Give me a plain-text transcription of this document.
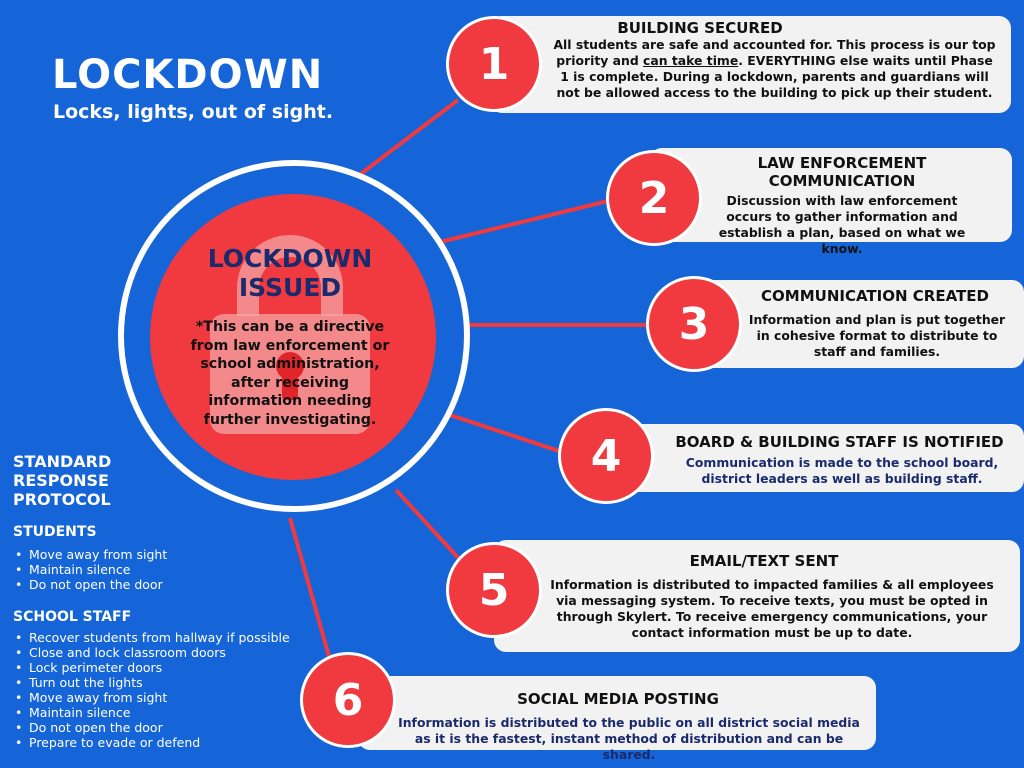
LOCKDOWN
Locks, lights, out of sight.
LOCKDOWN
ISSUED
*This can be a directive from law enforcement or school administration, after receiving information needing further investigating.
BUILDING SECURED

All students are safe and accounted for. This process is our top priority and can take time. EVERYTHING else waits until Phase 1 is complete. During a lockdown, parents and guardians will not be allowed access to the building to pick up their student.

1
LAW ENFORCEMENT COMMUNICATION

Discussion with law enforcement occurs to gather information and establish a plan, based on what we know.

2
COMMUNICATION CREATED

Information and plan is put together in cohesive format to distribute to staff and families.

3
BOARD & BUILDING STAFF IS NOTIFIED

Communication is made to the school board, district leaders as well as building staff.

4
EMAIL/TEXT SENT

Information is distributed to impacted families & all employees via messaging system. To receive texts, you must be opted in through Skylert. To receive emergency communications, your contact information must be up to date.

5
SOCIAL MEDIA POSTING

Information is distributed to the public on all district social media as it is the fastest, instant method of distribution and can be shared.

6
STANDARD
RESPONSE
PROTOCOL
STUDENTS
• Move away from sight
• Maintain silence
• Do not open the door
SCHOOL STAFF
• Recover students from hallway if possible
• Close and lock classroom doors
• Lock perimeter doors
• Turn out the lights
• Move away from sight
• Maintain silence
• Do not open the door
• Prepare to evade or defend
